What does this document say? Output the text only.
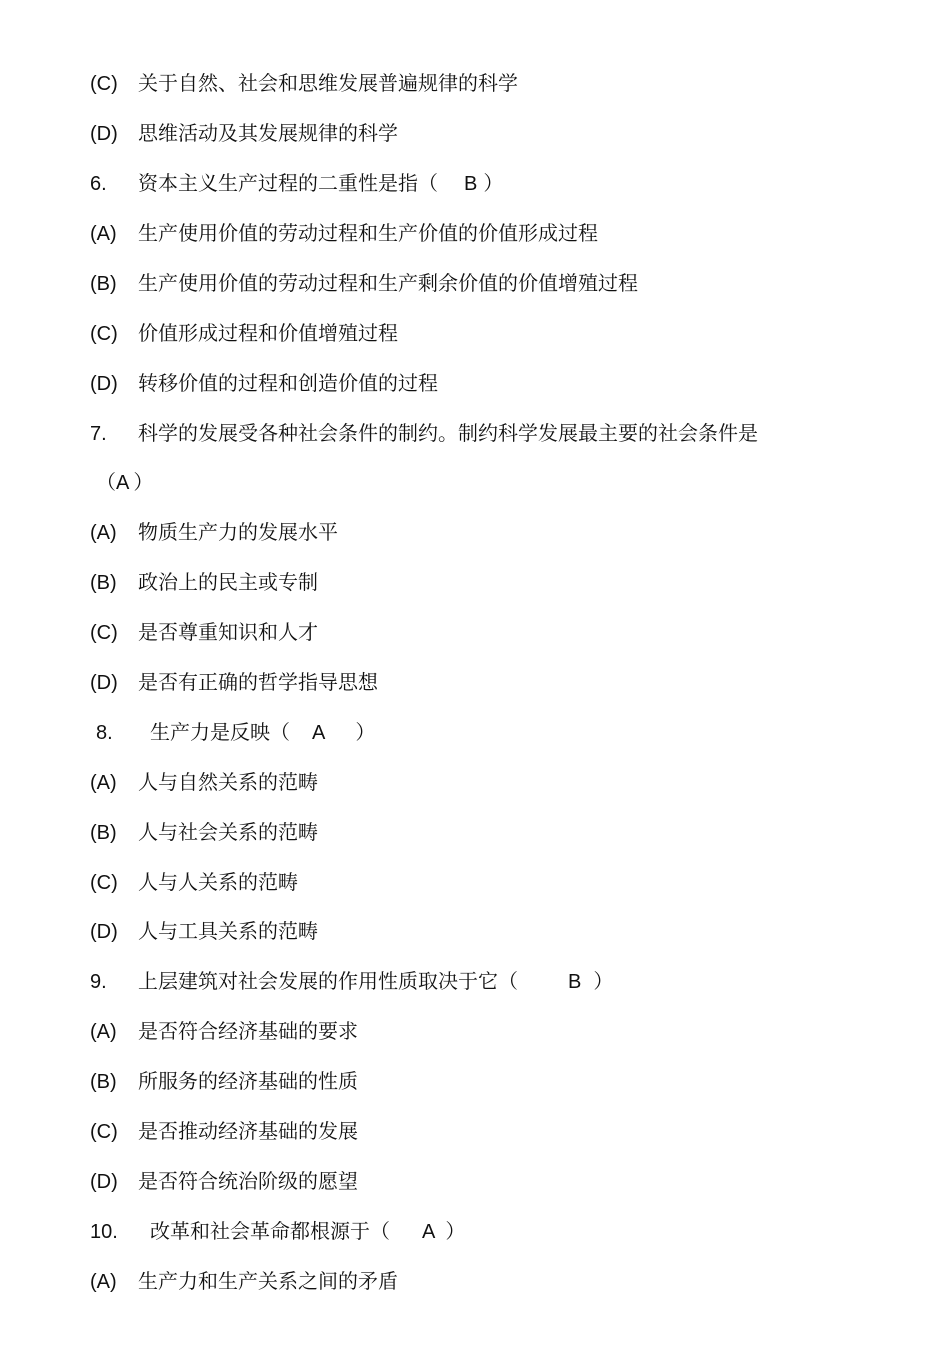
(C) 关于自然、社会和思维发展普遍规律的科学
(D) 思维活动及其发展规律的科学
6. 资本主义生产过程的二重性是指（ B ）
(A) 生产使用价值的劳动过程和生产价值的价值形成过程
(B) 生产使用价值的劳动过程和生产剩余价值的价值增殖过程
(C) 价值形成过程和价值增殖过程
(D) 转移价值的过程和创造价值的过程
7. 科学的发展受各种社会条件的制约。制约科学发展最主要的社会条件是
（A ）
(A) 物质生产力的发展水平
(B) 政治上的民主或专制
(C) 是否尊重知识和人才
(D) 是否有正确的哲学指导思想
8. 生产力是反映（ A ）
(A) 人与自然关系的范畴
(B) 人与社会关系的范畴
(C) 人与人关系的范畴
(D) 人与工具关系的范畴
9. 上层建筑对社会发展的作用性质取决于它（	B ）
(A) 是否符合经济基础的要求
(B) 所服务的经济基础的性质
(C) 是否推动经济基础的发展
(D) 是否符合统治阶级的愿望
10. 改革和社会革命都根源于（ A ）
(A) 生产力和生产关系之间的矛盾
